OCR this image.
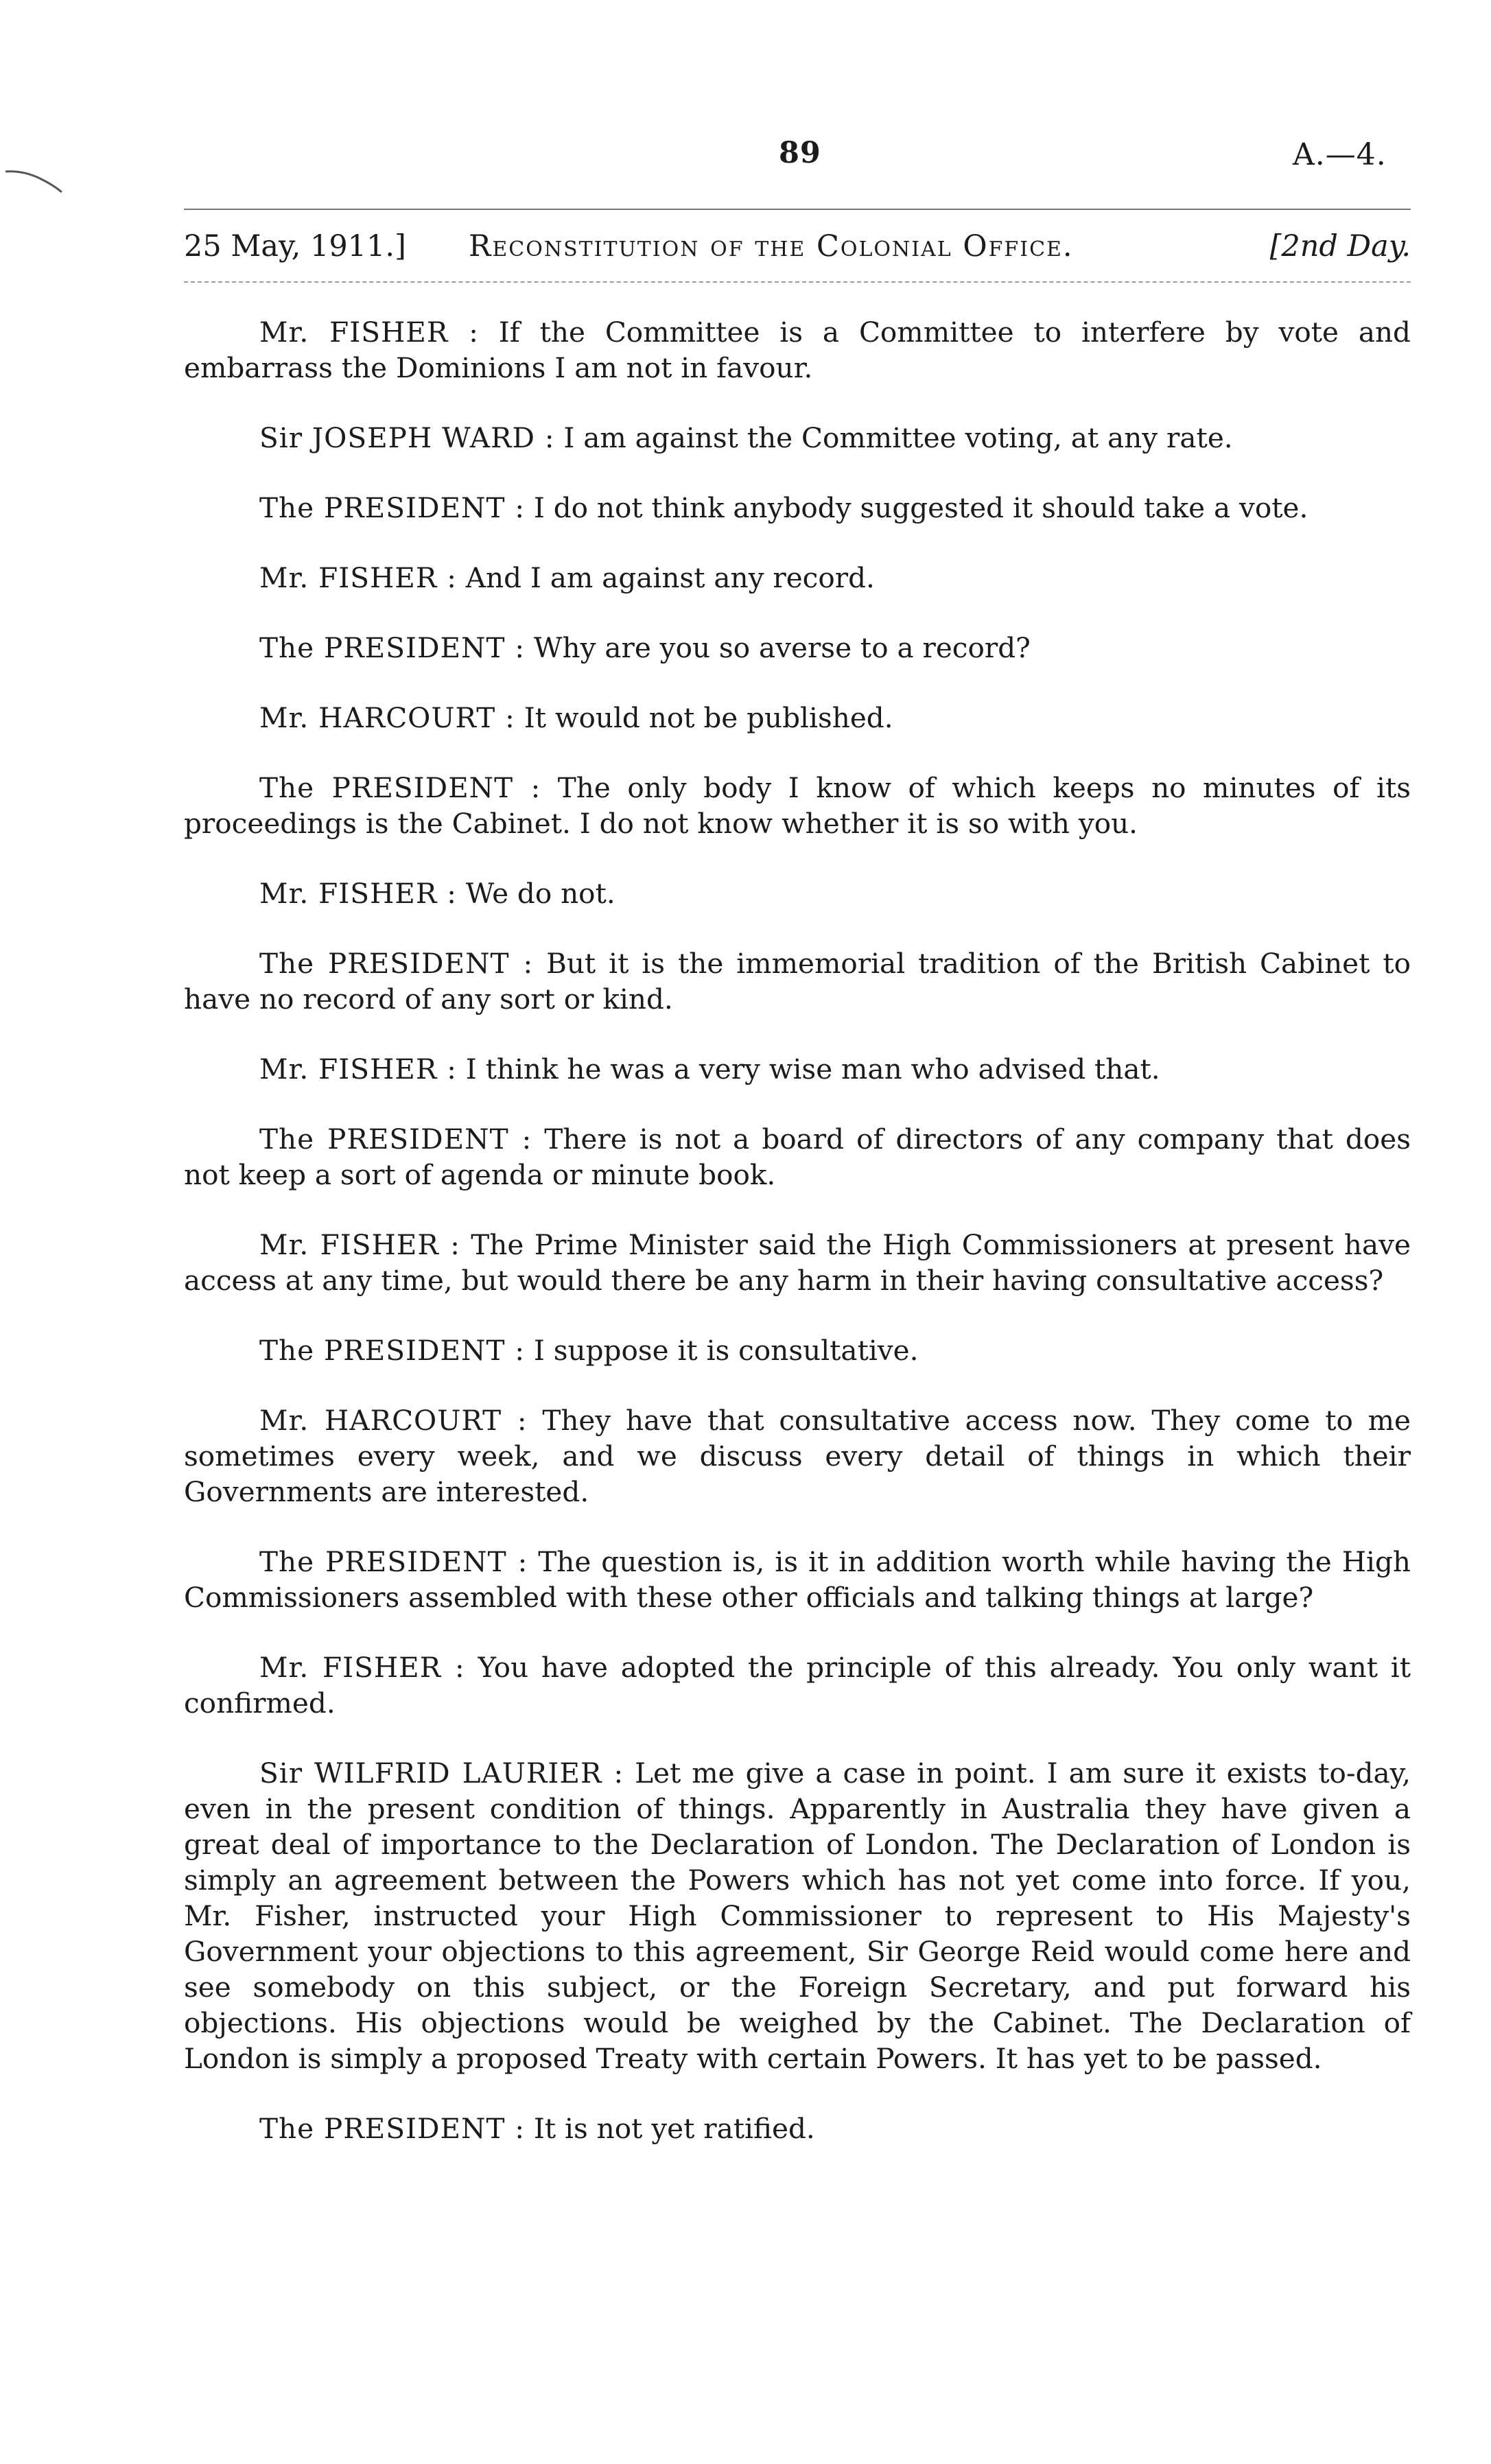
89	A.—4.
25 May, 1911.] Reconstitution of the Colonial Office.	[2nd Day.

Mr. FISHER : If the Committee is a Committee to interfere by vote and embarrass the Dominions I am not in favour.

Sir JOSEPH WARD : I am against the Committee voting, at any rate.

The PRESIDENT : I do not think anybody suggested it should take a vote.

Mr. FISHER : And I am against any record.

The PRESIDENT : Why are you so averse to a record?

Mr. HARCOURT : It would not be published.

The PRESIDENT : The only body I know of which keeps no minutes of its proceedings is the Cabinet. I do not know whether it is so with you.

Mr. FISHER : We do not.

The PRESIDENT : But it is the immemorial tradition of the British Cabinet to have no record of any sort or kind.

Mr. FISHER : I think he was a very wise man who advised that.

The PRESIDENT : There is not a board of directors of any company that does not keep a sort of agenda or minute book.

Mr. FISHER : The Prime Minister said the High Commissioners at present have access at any time, but would there be any harm in their having consultative access?

The PRESIDENT : I suppose it is consultative.

Mr. HARCOURT : They have that consultative access now. They come to me sometimes every week, and we discuss every detail of things in which their Governments are interested.

The PRESIDENT : The question is, is it in addition worth while having the High Commissioners assembled with these other officials and talking things at large?

Mr. FISHER : You have adopted the principle of this already. You only want it confirmed.

Sir WILFRID LAURIER : Let me give a case in point. I am sure it exists to-day, even in the present condition of things. Apparently in Australia they have given a great deal of importance to the Declaration of London. The Declaration of London is simply an agreement between the Powers which has not yet come into force. If you, Mr. Fisher, instructed your High Commissioner to represent to His Majesty's Government your objections to this agreement, Sir George Reid would come here and see somebody on this subject, or the Foreign Secretary, and put forward his objections. His objections would be weighed by the Cabinet. The Declaration of London is simply a proposed Treaty with certain Powers. It has yet to be passed.

The PRESIDENT : It is not yet ratified.
